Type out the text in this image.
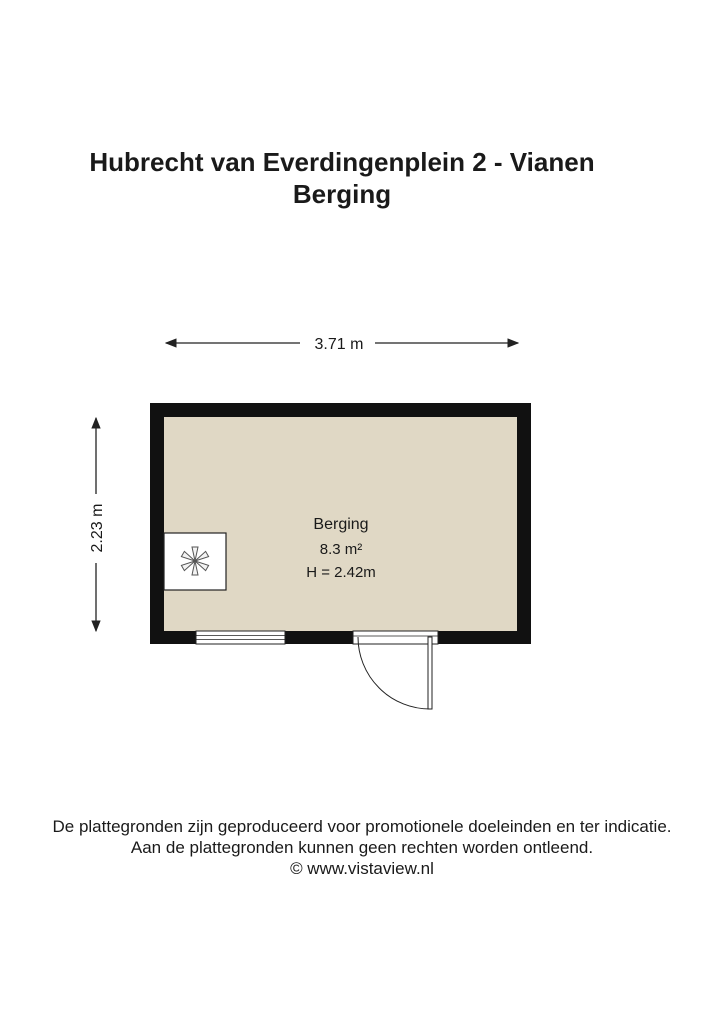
Hubrecht van Everdingenplein 2 - Vianen
Berging
3.71 m
2.23 m	Berging
8.3 m²
H = 2.42m

De plattegronden zijn geproduceerd voor promotionele doeleinden en ter indicatie.

Aan de plattegronden kunnen geen rechten worden ontleend.

© www.vistaview.nl
